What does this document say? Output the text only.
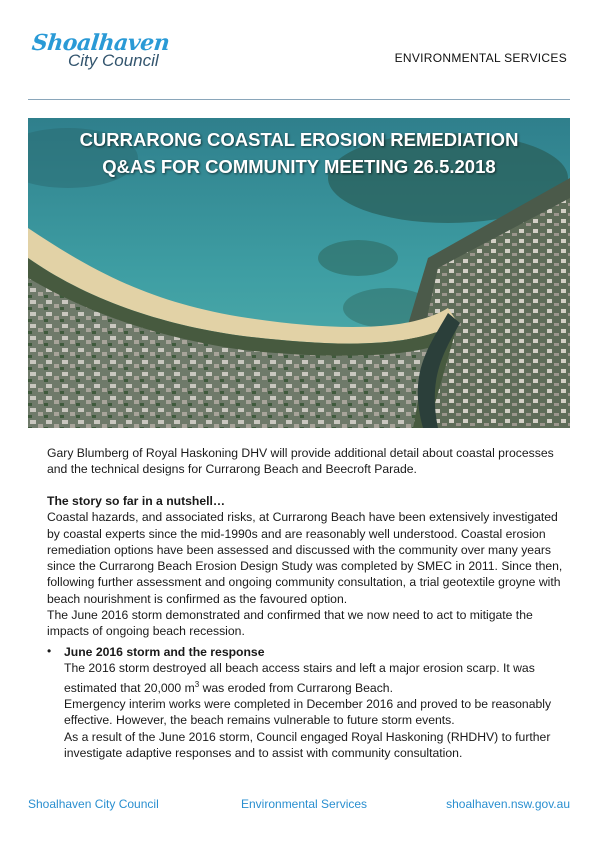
Shoalhaven
City Council	ENVIRONMENTAL SERVICES
CURRARONG COASTAL EROSION REMEDIATION
Q&AS FOR COMMUNITY MEETING 26.5.2018

Gary Blumberg of Royal Haskoning DHV will provide additional detail about coastal processes and the technical designs for Currarong Beach and Beecroft Parade.

The story so far in a nutshell…

Coastal hazards, and associated risks, at Currarong Beach have been extensively investigated by coastal experts since the mid-1990s and are reasonably well understood. Coastal erosion remediation options have been assessed and discussed with the community over many years since the Currarong Beach Erosion Design Study was completed by SMEC in 2011. Since then, following further assessment and ongoing community consultation, a trial geotextile groyne with beach nourishment is confirmed as the favoured option.

The June 2016 storm demonstrated and confirmed that we now need to act to mitigate the impacts of ongoing beach recession.

• June 2016 storm and the response

The 2016 storm destroyed all beach access stairs and left a major erosion scarp. It was

estimated that 20,000 $m^3$ was eroded from Currarong Beach.

Emergency interim works were completed in December 2016 and proved to be reasonably effective. However, the beach remains vulnerable to future storm events.

As a result of the June 2016 storm, Council engaged Royal Haskoning (RHDHV) to further investigate adaptive responses and to assist with community consultation.

Shoalhaven City Council	Environmental Services	shoalhaven.nsw.gov.au
